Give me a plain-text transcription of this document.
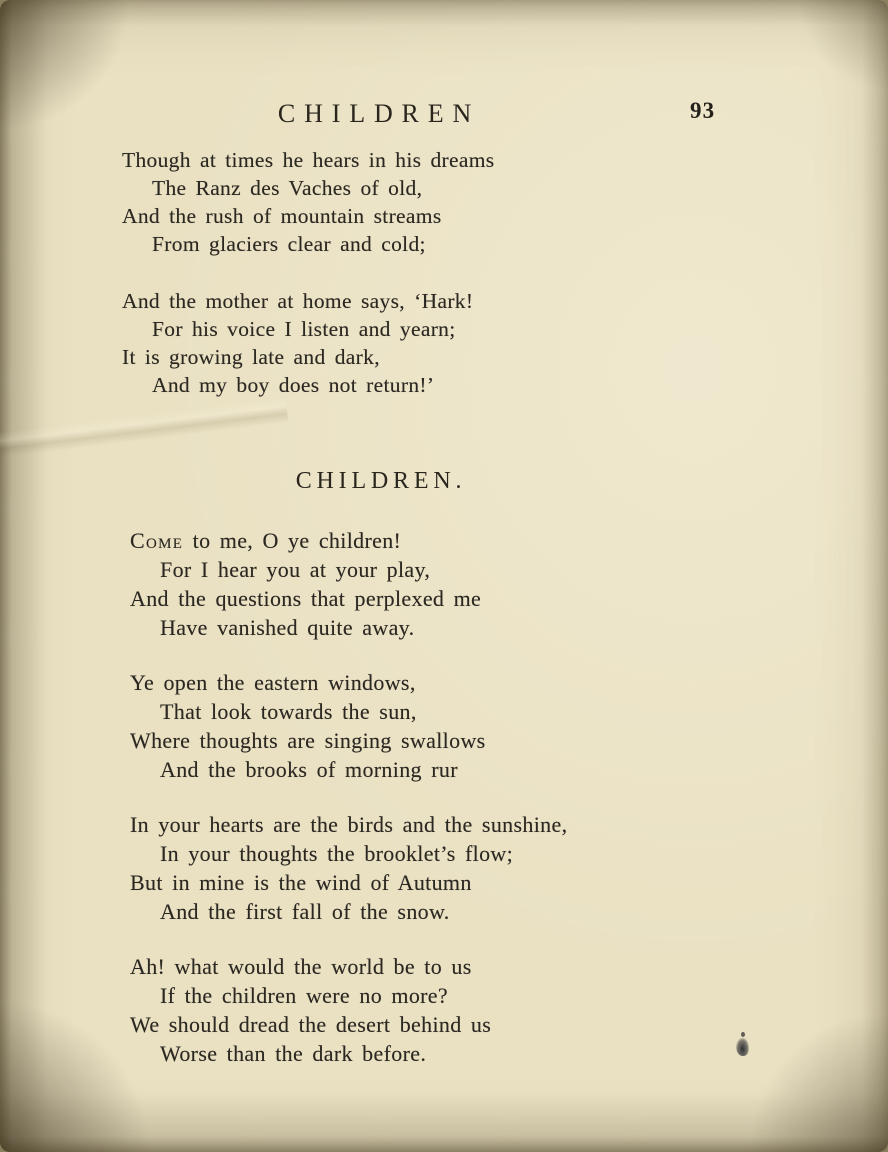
CHILDREN	93
Though at times he hears in his dreams
The Ranz des Vaches of old,
And the rush of mountain streams
From glaciers clear and cold;
And the mother at home says, ‘Hark!
For his voice I listen and yearn;
It is growing late and dark,
And my boy does not return!’
CHILDREN.
Come to me, O ye children!
For I hear you at your play,
And the questions that perplexed me
Have vanished quite away.
Ye open the eastern windows,
That look towards the sun,
Where thoughts are singing swallows
And the brooks of morning rur
In your hearts are the birds and the sunshine,
In your thoughts the brooklet’s flow;
But in mine is the wind of Autumn
And the first fall of the snow.
Ah! what would the world be to us
If the children were no more?
We should dread the desert behind us
Worse than the dark before.
